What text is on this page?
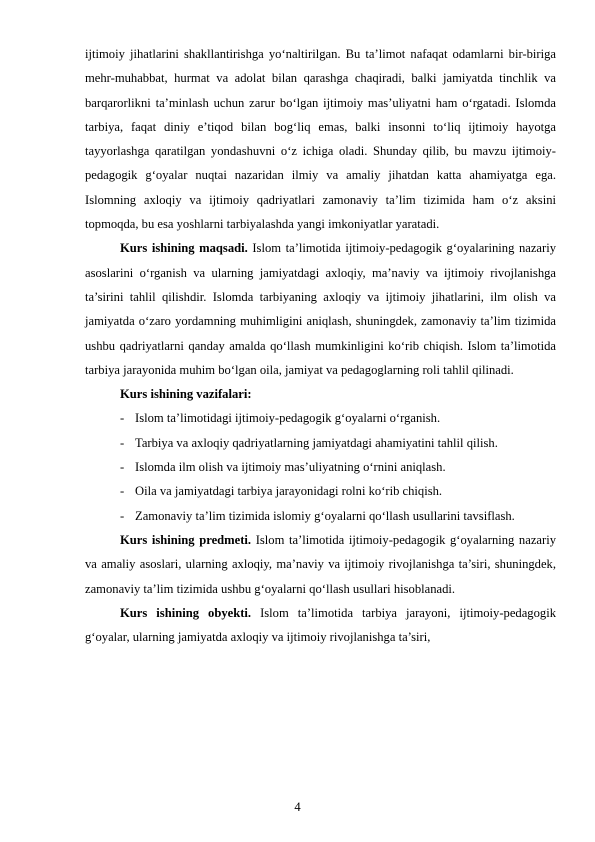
ijtimoiy jihatlarini shakllantirishga yo‘naltirilgan. Bu ta’limot nafaqat odamlarni bir-biriga mehr-muhabbat, hurmat va adolat bilan qarashga chaqiradi, balki jamiyatda tinchlik va barqarorlikni ta’minlash uchun zarur bo‘lgan ijtimoiy mas’uliyatni ham o‘rgatadi. Islomda tarbiya, faqat diniy e’tiqod bilan bog‘liq emas, balki insonni to‘liq ijtimoiy hayotga tayyorlashga qaratilgan yondashuvni o‘z ichiga oladi. Shunday qilib, bu mavzu ijtimoiy-pedagogik g‘oyalar nuqtai nazaridan ilmiy va amaliy jihatdan katta ahamiyatga ega. Islomning axloqiy va ijtimoiy qadriyatlari zamonaviy ta’lim tizimida ham o‘z aksini topmoqda, bu esa yoshlarni tarbiyalashda yangi imkoniyatlar yaratadi.

Kurs ishining maqsadi. Islom ta’limotida ijtimoiy-pedagogik g‘oyalarining nazariy asoslarini o‘rganish va ularning jamiyatdagi axloqiy, ma’naviy va ijtimoiy rivojlanishga ta’sirini tahlil qilishdir. Islomda tarbiyaning axloqiy va ijtimoiy jihatlarini, ilm olish va jamiyatda o‘zaro yordamning muhimligini aniqlash, shuningdek, zamonaviy ta’lim tizimida ushbu qadriyatlarni qanday amalda qo‘llash mumkinligini ko‘rib chiqish. Islom ta’limotida tarbiya jarayonida muhim bo‘lgan oila, jamiyat va pedagoglarning roli tahlil qilinadi.

Kurs ishining vazifalari:

- Islom ta’limotidagi ijtimoiy-pedagogik g‘oyalarni o‘rganish.
- Tarbiya va axloqiy qadriyatlarning jamiyatdagi ahamiyatini tahlil qilish.
- Islomda ilm olish va ijtimoiy mas’uliyatning o‘rnini aniqlash.
- Oila va jamiyatdagi tarbiya jarayonidagi rolni ko‘rib chiqish.
- Zamonaviy ta’lim tizimida islomiy g‘oyalarni qo‘llash usullarini tavsiflash.

Kurs ishining predmeti. Islom ta’limotida ijtimoiy-pedagogik g‘oyalarning nazariy va amaliy asoslari, ularning axloqiy, ma’naviy va ijtimoiy rivojlanishga ta’siri, shuningdek, zamonaviy ta’lim tizimida ushbu g‘oyalarni qo‘llash usullari hisoblanadi.

Kurs ishining obyekti. Islom ta’limotida tarbiya jarayoni, ijtimoiy-pedagogik g‘oyalar, ularning jamiyatda axloqiy va ijtimoiy rivojlanishga ta’siri,

4
